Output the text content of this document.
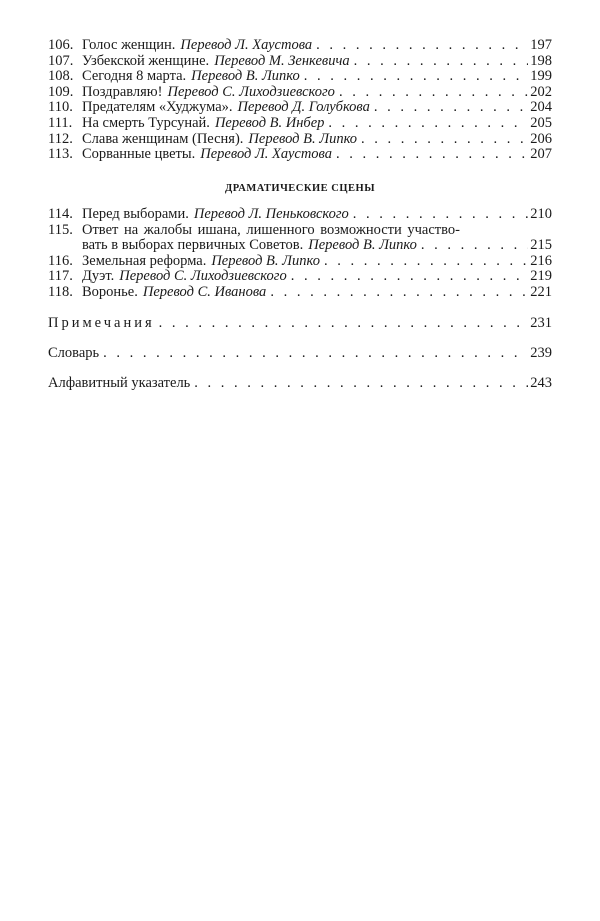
106. Голос женщин. Перевод Л. Хаустова . . .	197
107. Узбекской женщине. Перевод М. Зенкевича . . .	198
108. Сегодня 8 марта. Перевод В. Липко . . .	199
109. Поздравляю! Перевод С. Лиходзиевского . . .	202
110. Предателям «Худжума». Перевод Д. Голубкова . . .	204
111. На смерть Турсунай. Перевод В. Инбер . . .	205
112. Слава женщинам (Песня). Перевод В. Липко . . .	206
113. Сорванные цветы. Перевод Л. Хаустова . . .	207
ДРАМАТИЧЕСКИЕ СЦЕНЫ
114. Перед выборами. Перевод Л. Пеньковского . . .	210
115. Ответ на жалобы ишана, лишенного возможности участво-
вать в выборах первичных Советов. Перевод В. Липко . . .	215
116. Земельная реформа. Перевод В. Липко . . .	216
117. Дуэт. Перевод С. Лиходзиевского . . .	219
118. Воронье. Перевод С. Иванова . . .	221
Примечания . . .	231
Словарь . . .	239
Алфавитный указатель . . .	243
